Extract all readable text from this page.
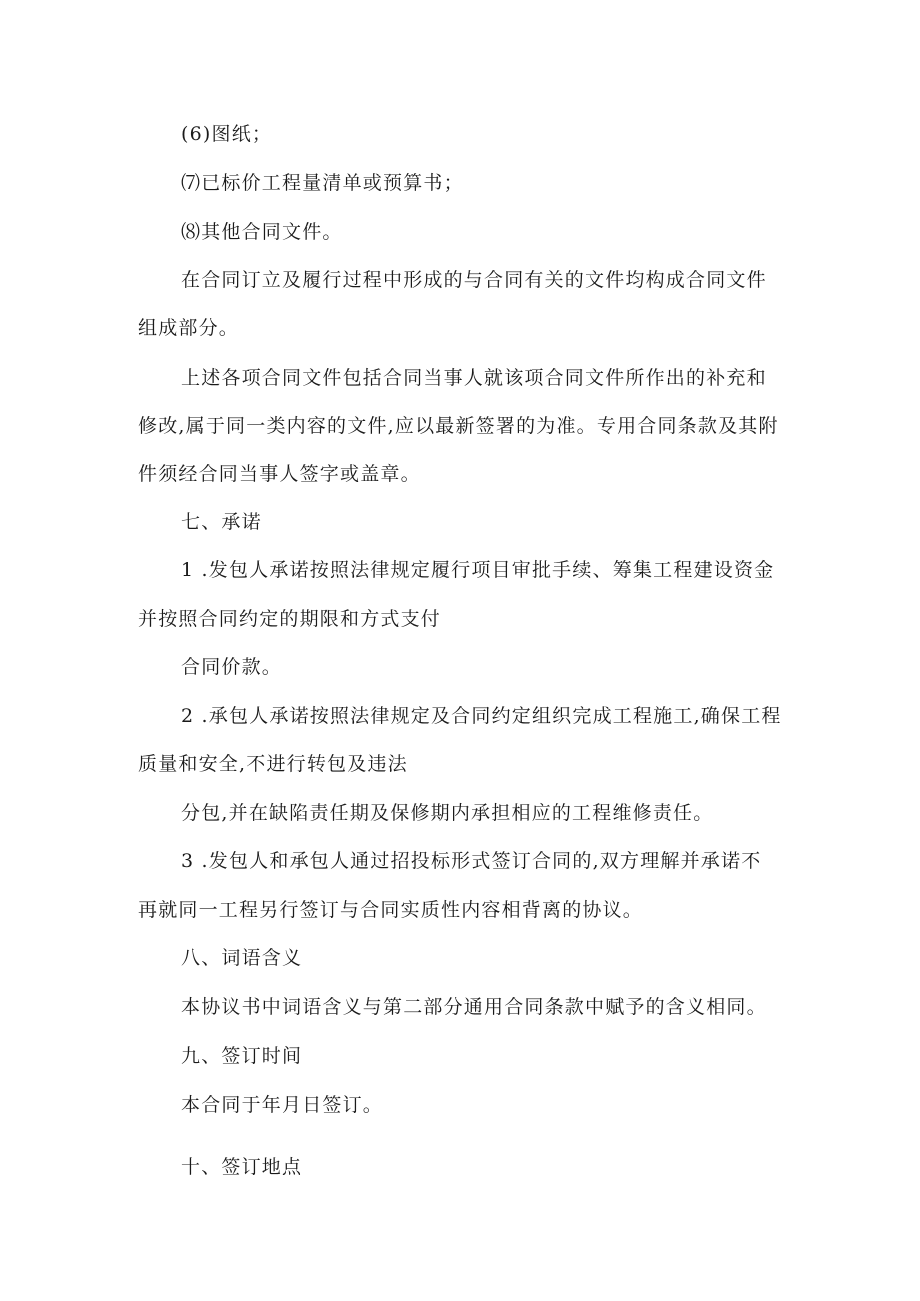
(6)图纸；
⑺已标价工程量清单或预算书；
⑻其他合同文件。
在合同订立及履行过程中形成的与合同有关的文件均构成合同文件
组成部分。
上述各项合同文件包括合同当事人就该项合同文件所作出的补充和
修改,属于同一类内容的文件,应以最新签署的为准。专用合同条款及其附
件须经合同当事人签字或盖章。
七、承诺
1 .发包人承诺按照法律规定履行项目审批手续、筹集工程建设资金
并按照合同约定的期限和方式支付
合同价款。
2 .承包人承诺按照法律规定及合同约定组织完成工程施工,确保工程
质量和安全,不进行转包及违法
分包,并在缺陷责任期及保修期内承担相应的工程维修责任。
3 .发包人和承包人通过招投标形式签订合同的,双方理解并承诺不
再就同一工程另行签订与合同实质性内容相背离的协议。
八、词语含义
本协议书中词语含义与第二部分通用合同条款中赋予的含义相同。
九、签订时间
本合同于年月日签订。
十、签订地点
